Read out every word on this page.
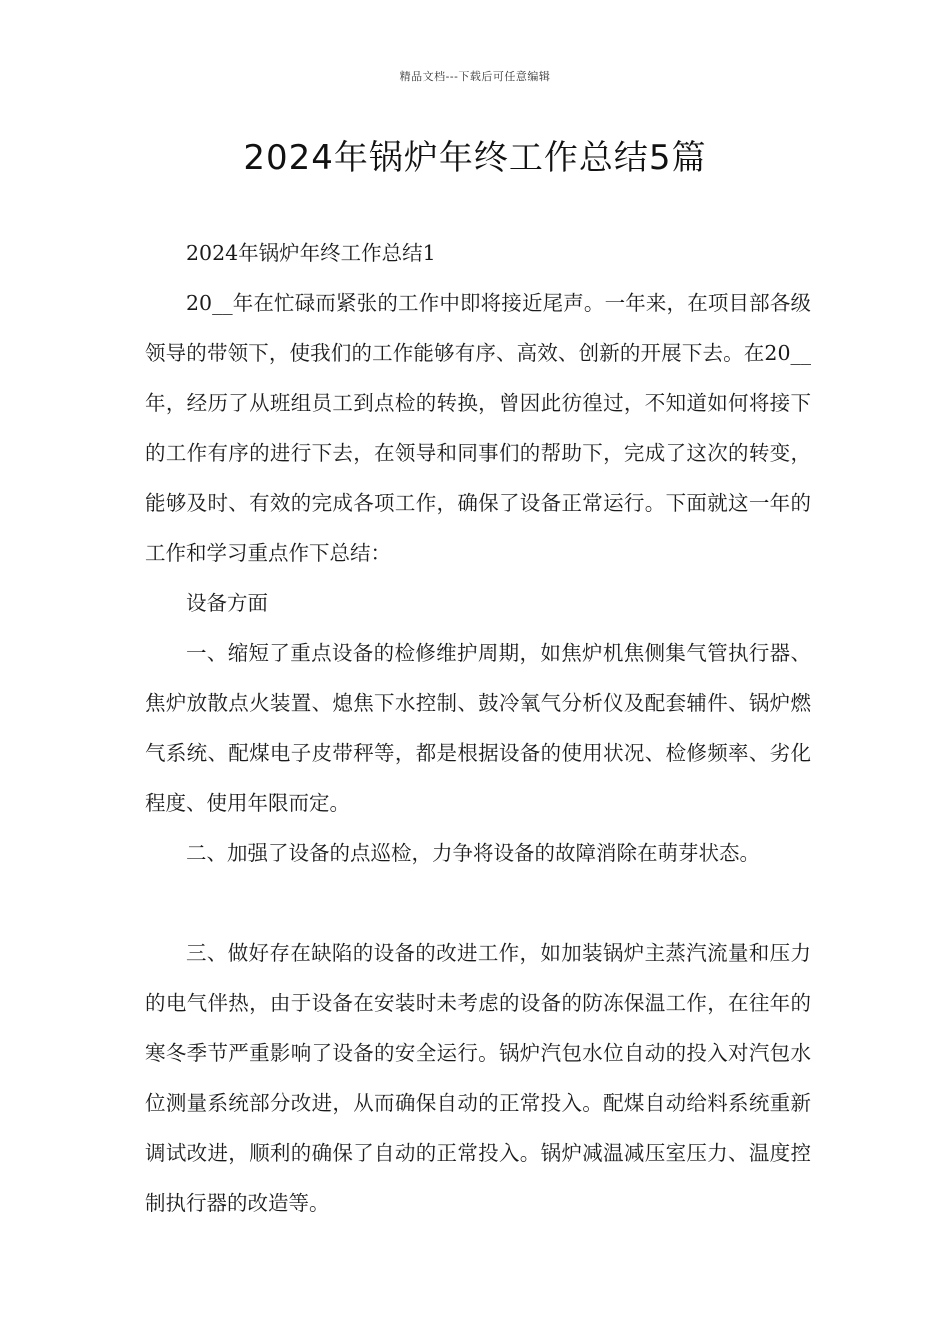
精品文档---下载后可任意编辑
2024年锅炉年终工作总结5篇

2024年锅炉年终工作总结1

20__年在忙碌而紧张的工作中即将接近尾声。一年来，在项目部各级领导的带领下，使我们的工作能够有序、高效、创新的开展下去。在20__年，经历了从班组员工到点检的转换，曾因此彷徨过，不知道如何将接下的工作有序的进行下去，在领导和同事们的帮助下，完成了这次的转变，能够及时、有效的完成各项工作，确保了设备正常运行。下面就这一年的工作和学习重点作下总结：

设备方面

一、缩短了重点设备的检修维护周期，如焦炉机焦侧集气管执行器、焦炉放散点火装置、熄焦下水控制、鼓冷氧气分析仪及配套辅件、锅炉燃气系统、配煤电子皮带秤等，都是根据设备的使用状况、检修频率、劣化程度、使用年限而定。

二、加强了设备的点巡检，力争将设备的故障消除在萌芽状态。

三、做好存在缺陷的设备的改进工作，如加装锅炉主蒸汽流量和压力的电气伴热，由于设备在安装时未考虑的设备的防冻保温工作，在往年的寒冬季节严重影响了设备的安全运行。锅炉汽包水位自动的投入对汽包水位测量系统部分改进，从而确保自动的正常投入。配煤自动给料系统重新调试改进，顺利的确保了自动的正常投入。锅炉减温减压室压力、温度控制执行器的改造等。
